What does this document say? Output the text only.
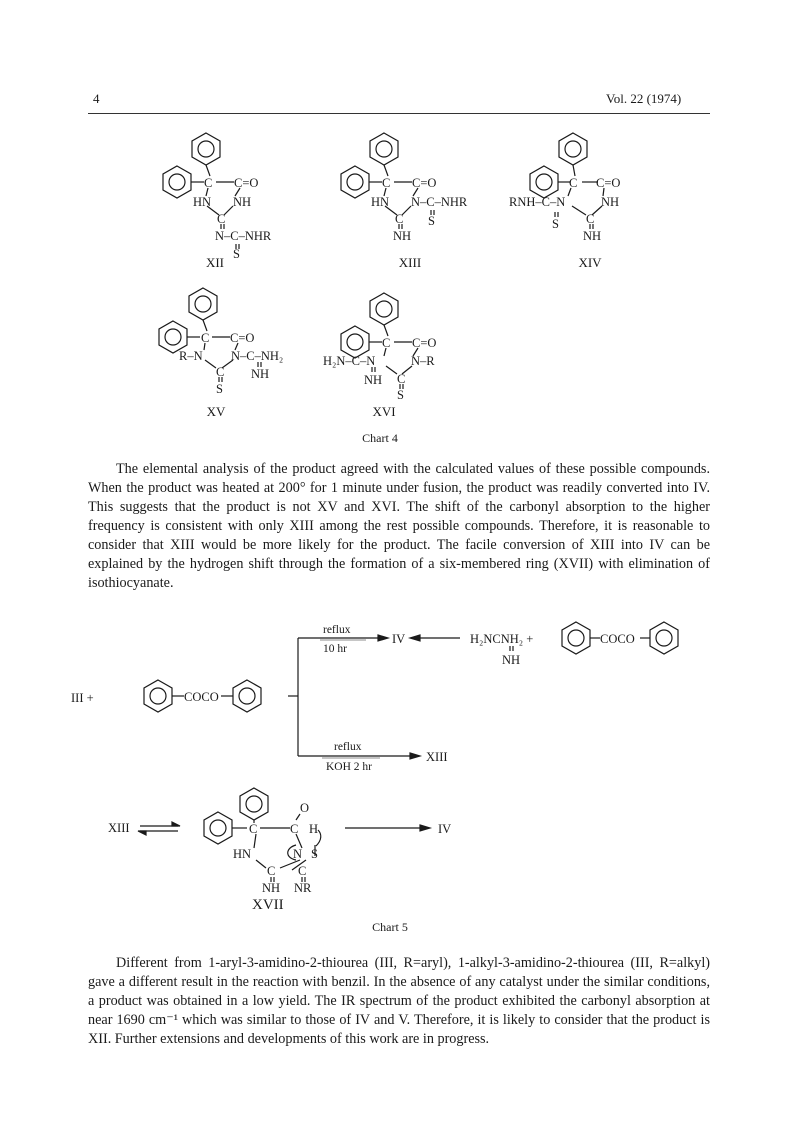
4	Vol. 22 (1974)
C C=O
HN NH
C
N–C–NHR
S
C C=O
HN N–C–NHR
C S
NH
C C=O
RNH–C–N	NH
C
S
NH
C C=O
R–N N–C–NH₂
C NH
S
C C=O
H₂N–C–N	N–R
C
NH
S
XII	XIII	XIV
XV	XVI
Chart 4
The elemental analysis of the product agreed with the calculated values of these possible compounds. When the product was heated at 200° for 1 minute under fusion, the product was readily converted into IV. This suggests that the product is not XV and XVI. The shift of the carbonyl absorption to the higher frequency is consistent with only XIII among the rest possible compounds. Therefore, it is reasonable to consider that XIII would be more likely for the product. The facile conversion of XIII into IV can be explained by the hydrogen shift through the formation of a six-membered ring (XVII) with elimination of isothiocyanate.
III +	COCO
reflux
10 hr
IV	H₂NCNH₂ +
NH
COCO
reflux
KOH 2 hr
XIII
XIII	C	C
O
H
HN	N S
C C
NH NR
IV
XVII
Chart 5
Different from 1-aryl-3-amidino-2-thiourea (III, R=aryl), 1-alkyl-3-amidino-2-thiourea (III, R=alkyl) gave a different result in the reaction with benzil. In the absence of any catalyst under the similar conditions, a product was obtained in a low yield. The IR spectrum of the product exhibited the carbonyl absorption at near 1690 cm⁻¹ which was similar to those of IV and V. Therefore, it is likely to consider that the product is XII. Further extensions and developments of this work are in progress.
